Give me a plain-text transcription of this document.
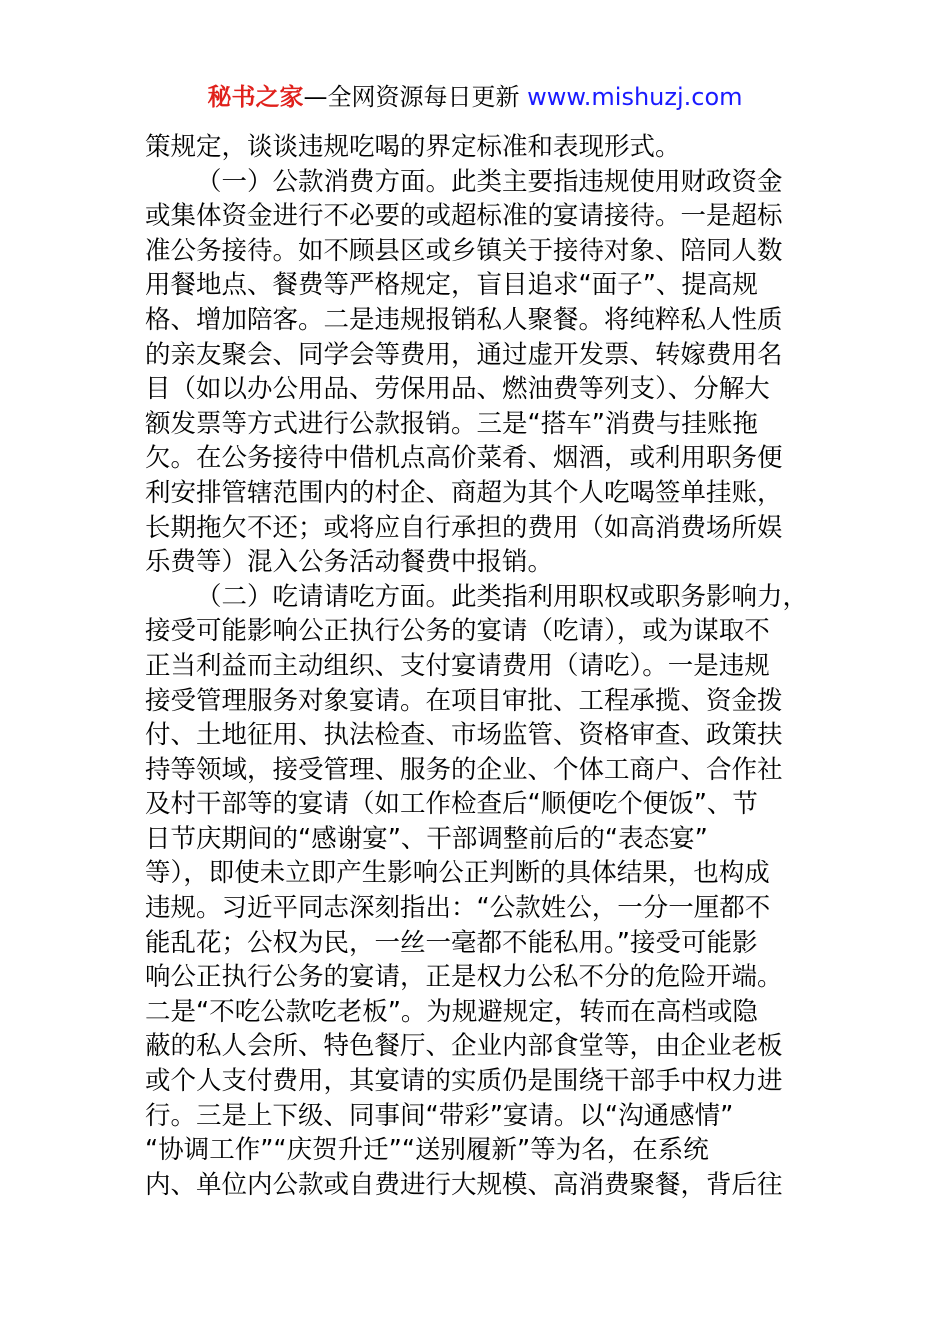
秘书之家—全网资源每日更新 www.mishuzj.com
策规定，谈谈违规吃喝的界定标准和表现形式。
（一）公款消费方面。此类主要指违规使用财政资金
或集体资金进行不必要的或超标准的宴请接待。一是超标
准公务接待。如不顾县区或乡镇关于接待对象、陪同人数
用餐地点、餐费等严格规定，盲目追求“面子”、提高规
格、增加陪客。二是违规报销私人聚餐。将纯粹私人性质
的亲友聚会、同学会等费用，通过虚开发票、转嫁费用名
目（如以办公用品、劳保用品、燃油费等列支）、分解大
额发票等方式进行公款报销。三是“搭车”消费与挂账拖
欠。在公务接待中借机点高价菜肴、烟酒，或利用职务便
利安排管辖范围内的村企、商超为其个人吃喝签单挂账，
长期拖欠不还；或将应自行承担的费用（如高消费场所娱
乐费等）混入公务活动餐费中报销。
（二）吃请请吃方面。此类指利用职权或职务影响力，
接受可能影响公正执行公务的宴请（吃请），或为谋取不
正当利益而主动组织、支付宴请费用（请吃）。一是违规
接受管理服务对象宴请。在项目审批、工程承揽、资金拨
付、土地征用、执法检查、市场监管、资格审查、政策扶
持等领域，接受管理、服务的企业、个体工商户、合作社
及村干部等的宴请（如工作检查后“顺便吃个便饭”、节
日节庆期间的“感谢宴”、干部调整前后的“表态宴”
等），即使未立即产生影响公正判断的具体结果，也构成
违规。习近平同志深刻指出：“公款姓公，一分一厘都不
能乱花；公权为民，一丝一毫都不能私用。”接受可能影
响公正执行公务的宴请，正是权力公私不分的危险开端。
二是“不吃公款吃老板”。为规避规定，转而在高档或隐
蔽的私人会所、特色餐厅、企业内部食堂等，由企业老板
或个人支付费用，其宴请的实质仍是围绕干部手中权力进
行。三是上下级、同事间“带彩”宴请。以“沟通感情”
“协调工作”“庆贺升迁”“送别履新”等为名，在系统
内、单位内公款或自费进行大规模、高消费聚餐，背后往
